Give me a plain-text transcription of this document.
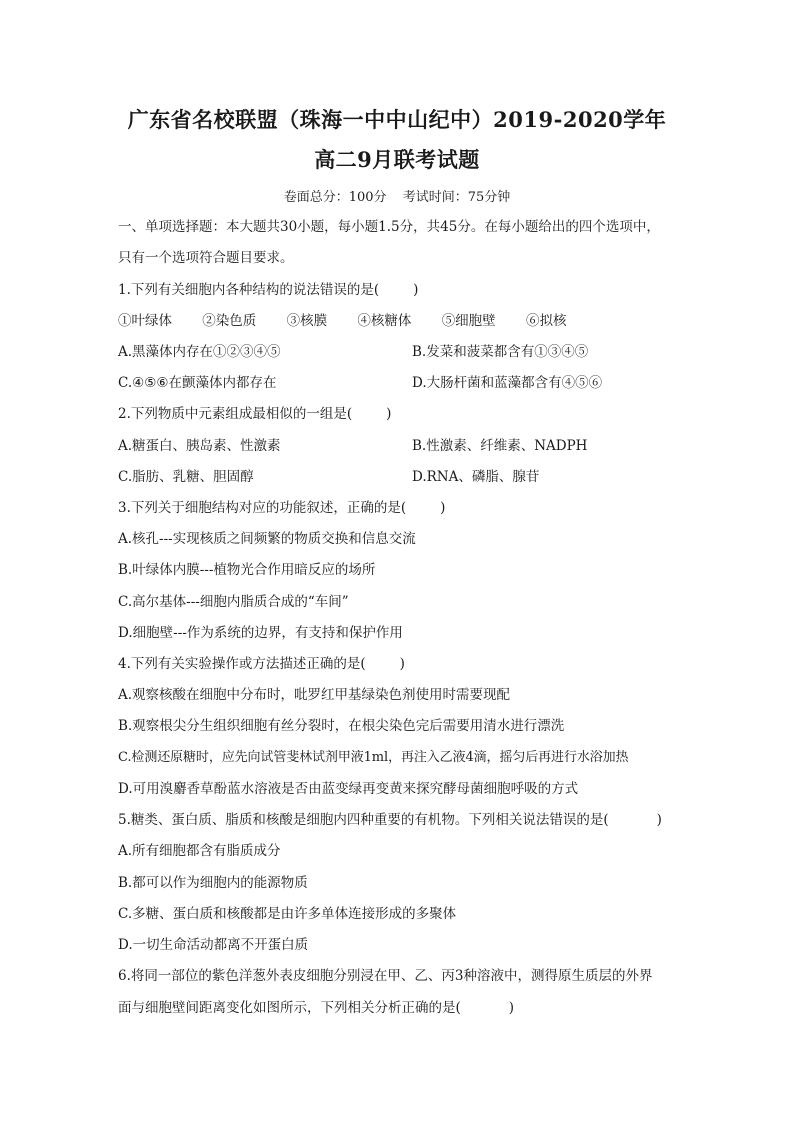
广东省名校联盟（珠海一中中山纪中）2019-2020学年
高二9月联考试题
卷面总分：100分 考试时间：75分钟
一、单项选择题：本大题共30小题，每小题1.5分，共45分。在每小题给出的四个选项中，
只有一个选项符合题目要求。
1.下列有关细胞内各种结构的说法错误的是(	)
①叶绿体 ②染色质 ③核膜 ④核糖体 ⑤细胞壁 ⑥拟核
A.黑藻体内存在①②③④⑤	B.发菜和菠菜都含有①③④⑤
C.④⑤⑥在颤藻体内都存在	D.大肠杆菌和蓝藻都含有④⑤⑥
2.下列物质中元素组成最相似的一组是(	)
A.糖蛋白、胰岛素、性激素	B.性激素、纤维素、NADPH
C.脂肪、乳糖、胆固醇	D.RNA、磷脂、腺苷
3.下列关于细胞结构对应的功能叙述，正确的是(	)
A.核孔---实现核质之间频繁的物质交换和信息交流
B.叶绿体内膜---植物光合作用暗反应的场所
C.高尔基体---细胞内脂质合成的“车间”
D.细胞壁---作为系统的边界，有支持和保护作用
4.下列有关实验操作或方法描述正确的是(	)
A.观察核酸在细胞中分布时，吡罗红甲基绿染色剂使用时需要现配
B.观察根尖分生组织细胞有丝分裂时，在根尖染色完后需要用清水进行漂洗
C.检测还原糖时，应先向试管斐林试剂甲液1ml，再注入乙液4滴，摇匀后再进行水浴加热
D.可用溴麝香草酚蓝水溶液是否由蓝变绿再变黄来探究酵母菌细胞呼吸的方式
5.糖类、蛋白质、脂质和核酸是细胞内四种重要的有机物。下列相关说法错误的是(	)
A.所有细胞都含有脂质成分
B.都可以作为细胞内的能源物质
C.多糖、蛋白质和核酸都是由许多单体连接形成的多聚体
D.一切生命活动都离不开蛋白质
6.将同一部位的紫色洋葱外表皮细胞分别浸在甲、乙、丙3种溶液中，测得原生质层的外界
面与细胞壁间距离变化如图所示，下列相关分析正确的是(	)
